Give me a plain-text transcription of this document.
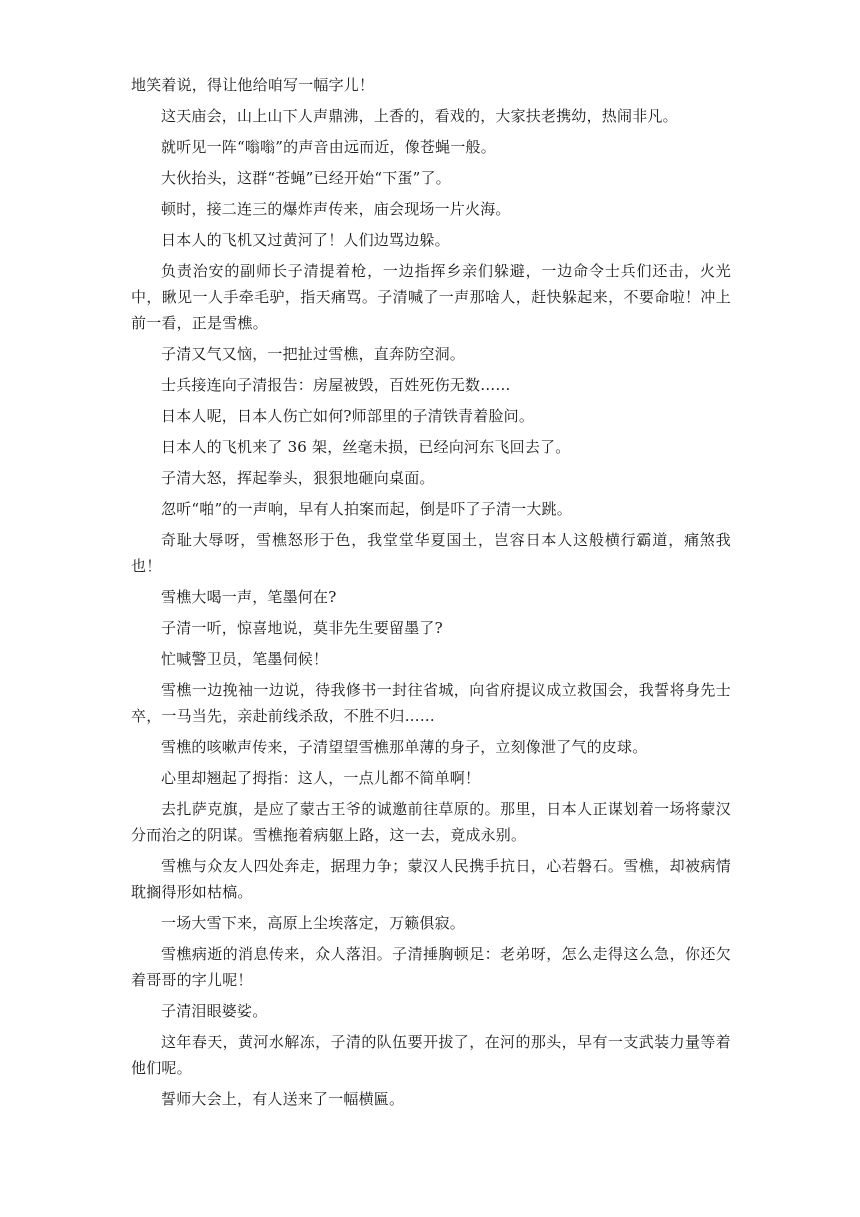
地笑着说，得让他给咱写一幅字儿！

这天庙会，山上山下人声鼎沸，上香的，看戏的，大家扶老携幼，热闹非凡。

就听见一阵“嗡嗡”的声音由远而近，像苍蝇一般。

大伙抬头，这群“苍蝇”已经开始“下蛋”了。

顿时，接二连三的爆炸声传来，庙会现场一片火海。

日本人的飞机又过黄河了！人们边骂边躲。

负责治安的副师长子清提着枪，一边指挥乡亲们躲避，一边命令士兵们还击，火光中，瞅见一人手牵毛驴，指天痛骂。子清喊了一声那啥人，赶快躲起来，不要命啦！冲上前一看，正是雪樵。

子清又气又恼，一把扯过雪樵，直奔防空洞。

士兵接连向子清报告：房屋被毁，百姓死伤无数……

日本人呢，日本人伤亡如何?师部里的子清铁青着脸问。

日本人的飞机来了 36 架，丝毫未损，已经向河东飞回去了。

子清大怒，挥起拳头，狠狠地砸向桌面。

忽听“啪”的一声响，早有人拍案而起，倒是吓了子清一大跳。

奇耻大辱呀，雪樵怒形于色，我堂堂华夏国土，岂容日本人这般横行霸道，痛煞我也！

雪樵大喝一声，笔墨何在?

子清一听，惊喜地说，莫非先生要留墨了?

忙喊警卫员，笔墨伺候！

雪樵一边挽袖一边说，待我修书一封往省城，向省府提议成立救国会，我誓将身先士卒，一马当先，亲赴前线杀敌，不胜不归……

雪樵的咳嗽声传来，子清望望雪樵那单薄的身子，立刻像泄了气的皮球。

心里却翘起了拇指：这人，一点儿都不简单啊！

去扎萨克旗，是应了蒙古王爷的诚邀前往草原的。那里，日本人正谋划着一场将蒙汉分而治之的阴谋。雪樵拖着病躯上路，这一去，竟成永别。

雪樵与众友人四处奔走，据理力争；蒙汉人民携手抗日，心若磐石。雪樵，却被病情耽搁得形如枯槁。

一场大雪下来，高原上尘埃落定，万籁俱寂。

雪樵病逝的消息传来，众人落泪。子清捶胸顿足：老弟呀，怎么走得这么急，你还欠着哥哥的字儿呢！

子清泪眼婆娑。

这年春天，黄河水解冻，子清的队伍要开拔了，在河的那头，早有一支武装力量等着他们呢。

誓师大会上，有人送来了一幅横匾。
